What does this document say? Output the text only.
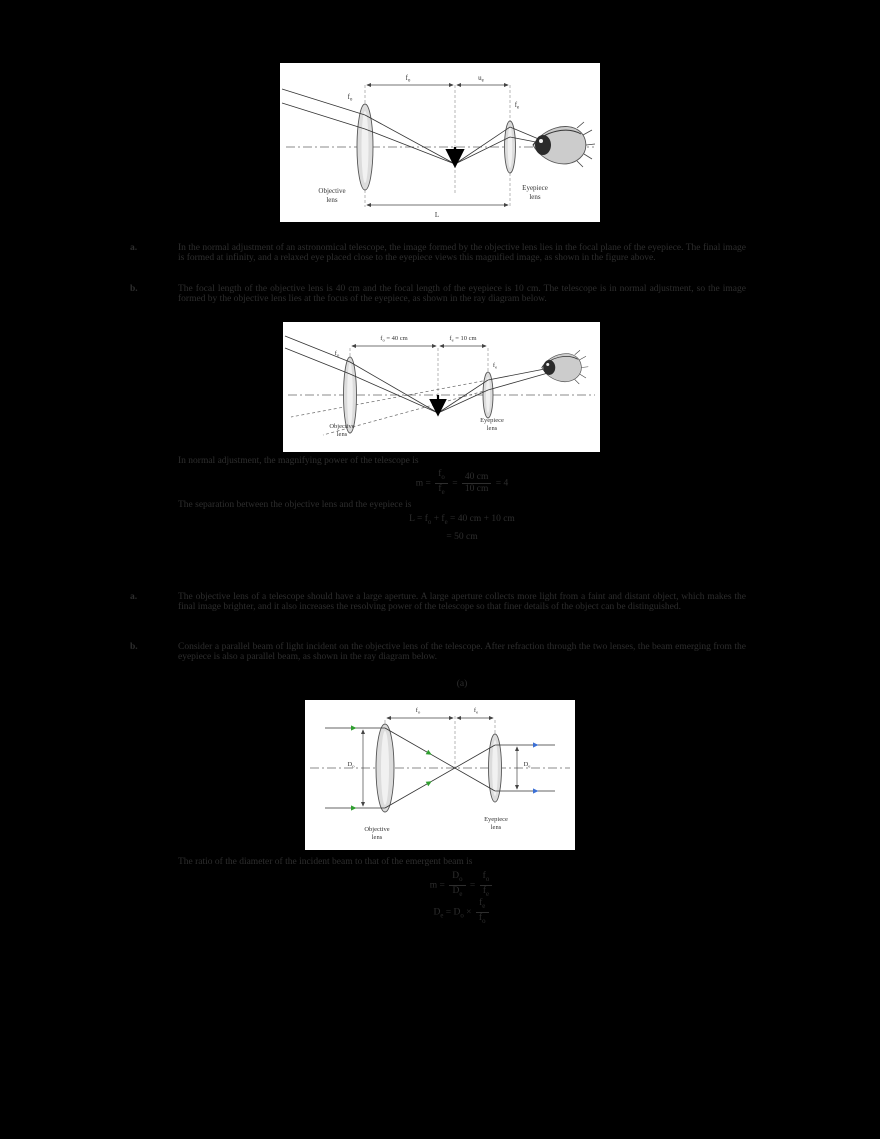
$f_o$	$u_e$
$f_o$
$f_e$
Objective
lens
Eyepiece
lens
L
a.	In the normal adjustment of an astronomical telescope, the image formed by the objective lens lies in the focal plane of the eyepiece. The final image is formed at infinity, and a relaxed eye placed close to the eyepiece views this magnified image, as shown in the figure above.
b.	The focal length of the objective lens is 40 cm and the focal length of the eyepiece is 10 cm. The telescope is in normal adjustment, so the image formed by the objective lens lies at the focus of the eyepiece, as shown in the ray diagram below.
$f_o = 40$ cm	$f_e = 10$ cm
$f_o$
$f_e$
Objective
lens
Eyepiece
lens
In normal adjustment, the magnifying power of the telescope is
$m = \frac{f_o}{f_e} = \frac{40 cm}{10 cm} = 4$
The separation between the objective lens and the eyepiece is
$L = f_o + f_e = 40$ cm + 10 cm
= 50 cm
a.	The objective lens of a telescope should have a large aperture. A large aperture collects more light from a faint and distant object, which makes the final image brighter, and it also increases the resolving power of the telescope so that finer details of the object can be distinguished.
b.	Consider a parallel beam of light incident on the objective lens of the telescope. After refraction through the two lenses, the beam emerging from the eyepiece is also a parallel beam, as shown in the ray diagram below.
(a)
$f_o$	$f_e$
$D_o$	$D_e$
Objective
lens
Eyepiece
lens
The ratio of the diameter of the incident beam to that of the emergent beam is
$m = \frac{D_o}{D_e} = \frac{f_o}{f_e}$
$D_e = D_o \times \frac{f_e}{f_o}$
